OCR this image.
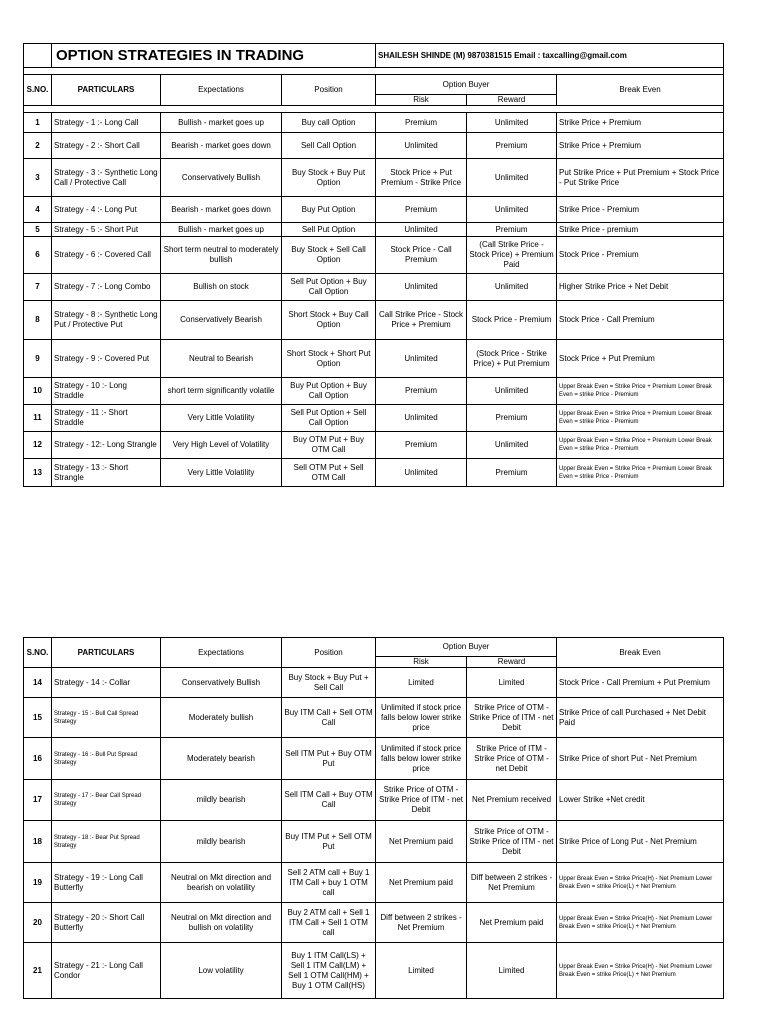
	OPTION STRATEGIES IN TRADING			SHAILESH SHINDE (M) 9870381515 Email : taxcalling@gmail.com		

S.NO.	PARTICULARS	Expectations	Position	Option Buyer		Break Even
				Risk	Reward	

1	Strategy - 1 :- Long Call	Bullish - market goes up	Buy call Option	Premium	Unlimited	Strike Price + Premium
2	Strategy - 2 :- Short Call	Bearish - market goes down	Sell Call Option	Unlimited	Premium	Strike Price + Premium
3	Strategy - 3 :- Synthetic Long Call / Protective Call	Conservatively Bullish	Buy Stock + Buy Put Option	Stock Price + Put Premium - Strike Price	Unlimited	Put Strike Price + Put Premium + Stock Price - Put Strike Price
4	Strategy - 4 :- Long Put	Bearish - market goes down	Buy Put Option	Premium	Unlimited	Strike Price - Premium
5	Strategy - 5 :- Short Put	Bullish - market goes up	Sell Put Option	Unlimited	Premium	Strike Price - premium
6	Strategy - 6 :- Covered Call	Short term neutral to moderately bullish	Buy Stock + Sell Call Option	Stock Price - Call Premium	(Call Strike Price - Stock Price) + Premium Paid	Stock Price - Premium
7	Strategy - 7 :- Long Combo	Bullish on stock	Sell Put Option + Buy Call Option	Unlimited	Unlimited	Higher Strike Price + Net Debit
8	Strategy - 8 :- Synthetic Long Put / Protective Put	Conservatively Bearish	Short Stock + Buy Call Option	Call Strike Price - Stock Price + Premium	Stock Price - Premium	Stock Price - Call Premium
9	Strategy - 9 :- Covered Put	Neutral to Bearish	Short Stock + Short Put Option	Unlimited	(Stock Price - Strike Price) + Put Premium	Stock Price + Put Premium
10	Strategy - 10 :- Long Straddle	short term significantly volatile	Buy Put Option + Buy Call Option	Premium	Unlimited	Upper Break Even = Strike Price + Premium Lower Break Even = strike Price - Premium
11	Strategy - 11 :- Short Straddle	Very Little Volatility	Sell Put Option + Sell Call Option	Unlimited	Premium	Upper Break Even = Strike Price + Premium Lower Break Even = strike Price - Premium
12	Strategy - 12:- Long Strangle	Very High Level of Volatility	Buy OTM Put + Buy OTM Call	Premium	Unlimited	Upper Break Even = Strike Price + Premium Lower Break Even = strike Price - Premium
13	Strategy - 13 :- Short Strangle	Very Little Volatility	Sell OTM Put + Sell OTM Call	Unlimited	Premium	Upper Break Even = Strike Price + Premium Lower Break Even = strike Price - Premium
S.NO.	PARTICULARS	Expectations	Position	Option Buyer		Break Even
				Risk	Reward	
14	Strategy - 14 :- Collar	Conservatively Bullish	Buy Stock + Buy Put + Sell Call	Limited	Limited	Stock Price - Call Premium + Put Premium
15	Strategy - 15 :- Bull Call Spread Strategy	Moderately bullish	Buy ITM Call + Sell OTM Call	Unlimited if stock price falls below lower strike price	Strike Price of OTM - Strike Price of ITM - net Debit	Strike Price of call Purchased + Net Debit Paid
16	Strategy - 16 :- Bull Put Spread Strategy	Moderately bearish	Sell ITM Put + Buy OTM Put	Unlimited if stock price falls below lower strike price	Strike Price of ITM - Strike Price of OTM - net Debit	Strike Price of short Put - Net Premium
17	Strategy - 17 :- Bear Call Spread Strategy	mildly bearish	Sell ITM Call + Buy OTM Call	Strike Price of OTM - Strike Price of ITM - net Debit	Net Premium received	Lower Strike +Net credit
18	Strategy - 18 :- Bear Put Spread Strategy	mildly bearish	Buy ITM Put + Sell OTM Put	Net Premium paid	Strike Price of OTM - Strike Price of ITM - net Debit	Strike Price of Long Put - Net Premium
19	Strategy - 19 :- Long Call Butterfly	Neutral on Mkt direction and bearish on volatility	Sell 2 ATM call + Buy 1 ITM Call + buy 1 OTM call	Net Premium paid	Diff between 2 strikes - Net Premium	Upper Break Even = Strike Price(H) - Net Premium Lower Break Even = strike Price(L) + Net Premium
20	Strategy - 20 :- Short Call Butterfly	Neutral on Mkt direction and bullish on volatility	Buy 2 ATM call + Sell 1 ITM Call + Sell 1 OTM call	Diff between 2 strikes - Net Premium	Net Premium paid	Upper Break Even = Strike Price(H) - Net Premium Lower Break Even = strike Price(L) + Net Premium
21	Strategy - 21 :- Long Call Condor	Low volatility	Buy 1 ITM Call(LS) + Sell 1 ITM Call(LM) + Sell 1 OTM Call(HM) + Buy 1 OTM Call(HS)	Limited	Limited	Upper Break Even = Strike Price(H) - Net Premium Lower Break Even = strike Price(L) + Net Premium
